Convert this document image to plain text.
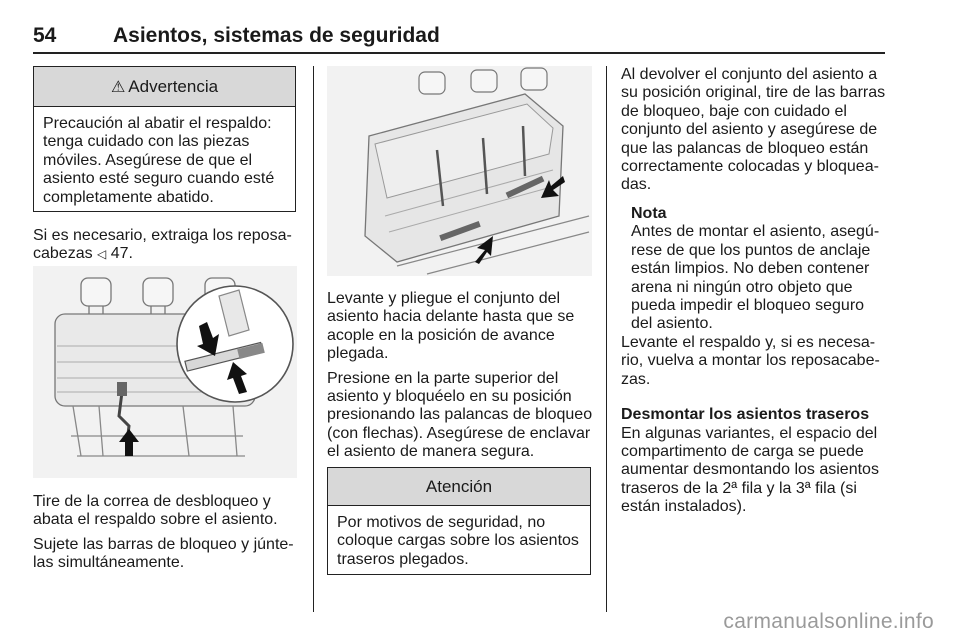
54	Asientos, sistemas de seguridad
⚠ Advertencia
Precaución al abatir el respaldo: tenga cuidado con las piezas móviles. Asegúrese de que el asiento esté seguro cuando esté completamente abatido.

Si es necesario, extraiga los reposa-

cabezas ◁ 47.

Tire de la correa de desbloqueo y abata el respaldo sobre el asiento.

Sujete las barras de bloqueo y júnte-las simultáneamente.

Levante y pliegue el conjunto del asiento hacia delante hasta que se acople en la posición de avance plegada.

Presione en la parte superior del asiento y bloquéelo en su posición presionando las palancas de bloqueo (con flechas). Asegúrese de enclavar el asiento de manera segura.

Atención
Por motivos de seguridad, no coloque cargas sobre los asientos traseros plegados.

Al devolver el conjunto del asiento a su posición original, tire de las barras de bloqueo, baje con cuidado el conjunto del asiento y asegúrese de que las palancas de bloqueo están correctamente colocadas y bloquea-das.

Nota

Antes de montar el asiento, asegú-rese de que los puntos de anclaje están limpios. No deben contener arena ni ningún otro objeto que pueda impedir el bloqueo seguro del asiento.

Levante el respaldo y, si es necesa-rio, vuelva a montar los reposacabe-zas.

Desmontar los asientos traseros

En algunas variantes, el espacio del compartimento de carga se puede aumentar desmontando los asientos traseros de la 2ª fila y la 3ª fila (si están instalados).

carmanualsonline.info
